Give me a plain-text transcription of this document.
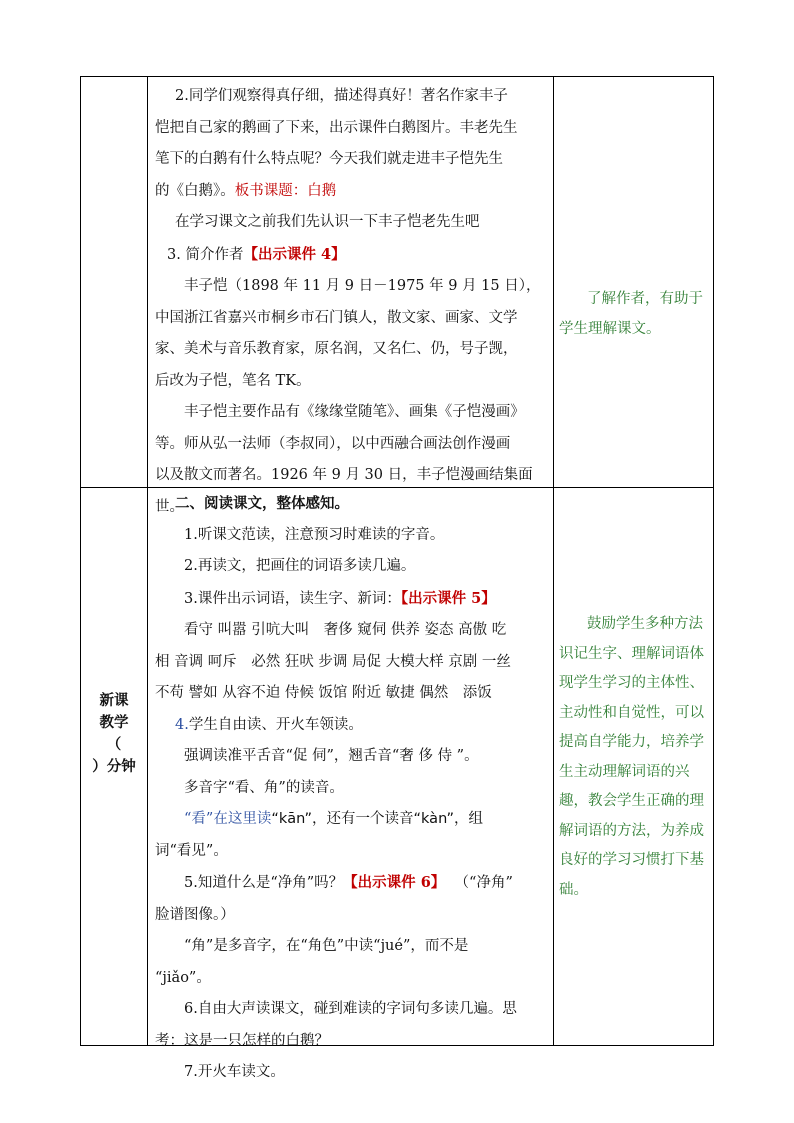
2.同学们观察得真仔细，描述得真好！著名作家丰子

恺把自己家的鹅画了下来，出示课件白鹅图片。丰老先生

笔下的白鹅有什么特点呢？今天我们就走进丰子恺先生

的《白鹅》。板书课题：白鹅

在学习课文之前我们先认识一下丰子恺老先生吧

3. 简介作者【出示课件 4】

丰子恺（1898 年 11 月 9 日－1975 年 9 月 15 日），

中国浙江省嘉兴市桐乡市石门镇人，散文家、画家、文学

家、美术与音乐教育家，原名润，又名仁、仍，号子觊，

后改为子恺，笔名 TK。

丰子恺主要作品有《缘缘堂随笔》、画集《子恺漫画》

等。师从弘一法师（李叔同），以中西融合画法创作漫画

以及散文而著名。1926 年 9 月 30 日，丰子恺漫画结集面

世。

了解作者，有助于学生理解课文。

新课
教学
（
）分钟

二、阅读课文，整体感知。

1.听课文范读，注意预习时难读的字音。

2.再读文，把画住的词语多读几遍。

3.课件出示词语，读生字、新词：【出示课件 5】

看守 叫嚣 引吭大叫　奢侈 窥伺 供养 姿态 高傲 吃

相 音调 呵斥　必然 狂吠 步调 局促 大模大样 京剧 一丝

不苟 譬如 从容不迫 侍候 饭馆 附近 敏捷 偶然　添饭

4.学生自由读、开火车领读。

强调读准平舌音“促 伺”，翘舌音“奢 侈 侍 ”。

多音字“看、角”的读音。

“看”在这里读“kān”，还有一个读音“kàn”，组

词“看见”。

5.知道什么是“净角”吗？【出示课件 6】 （“净角”

脸谱图像。）

“角”是多音字，在“角色”中读“jué”，而不是

“jiǎo”。

6.自由大声读课文，碰到难读的字词句多读几遍。思

考：这是一只怎样的白鹅？

7.开火车读文。

鼓励学生多种方法识记生字、理解词语体现学生学习的主体性、主动性和自觉性，可以提高自学能力，培养学生主动理解词语的兴趣，教会学生正确的理解词语的方法，为养成良好的学习习惯打下基础。
